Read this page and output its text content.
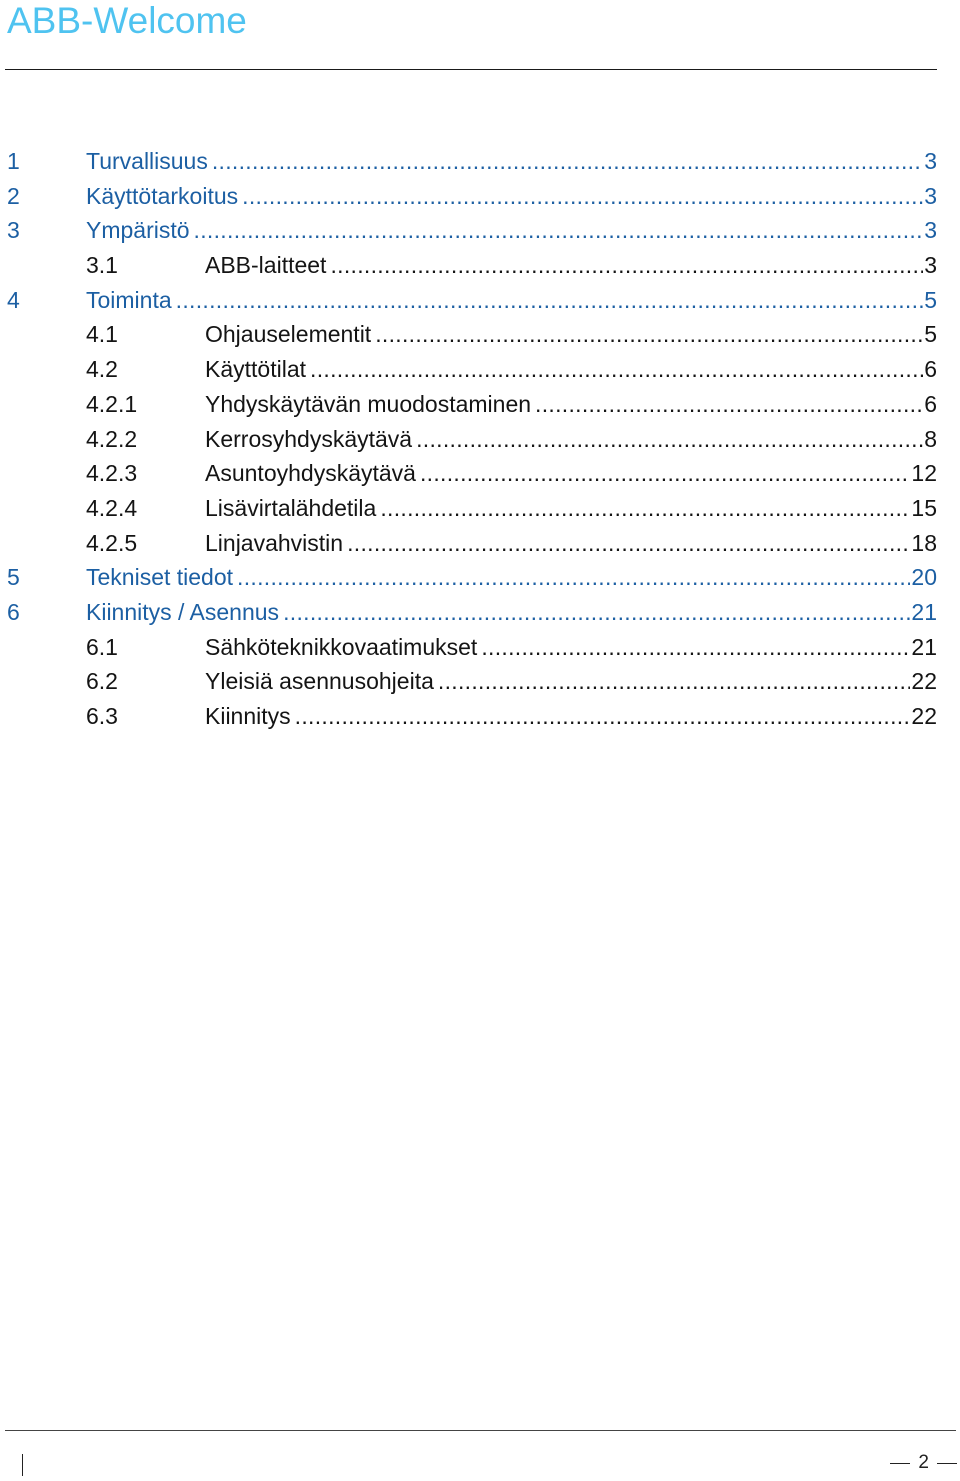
ABB-Welcome
1	Turvallisuus .....	3
2	Käyttötarkoitus .....	3
3	Ympäristö .....	3
3.1	ABB-laitteet .....	3
4	Toiminta .....	5
4.1	Ohjauselementit .....	5
4.2	Käyttötilat .....	6
4.2.1	Yhdyskäytävän muodostaminen .....	6
4.2.2	Kerrosyhdyskäytävä .....	8
4.2.3	Asuntoyhdyskäytävä .....	12
4.2.4	Lisävirtalähdetila .....	15
4.2.5	Linjavahvistin .....	18
5	Tekniset tiedot .....	20
6	Kiinnitys / Asennus .....	21
6.1	Sähköteknikkovaatimukset .....	21
6.2	Yleisiä asennusohjeita .....	22
6.3	Kiinnitys .....	22
2
